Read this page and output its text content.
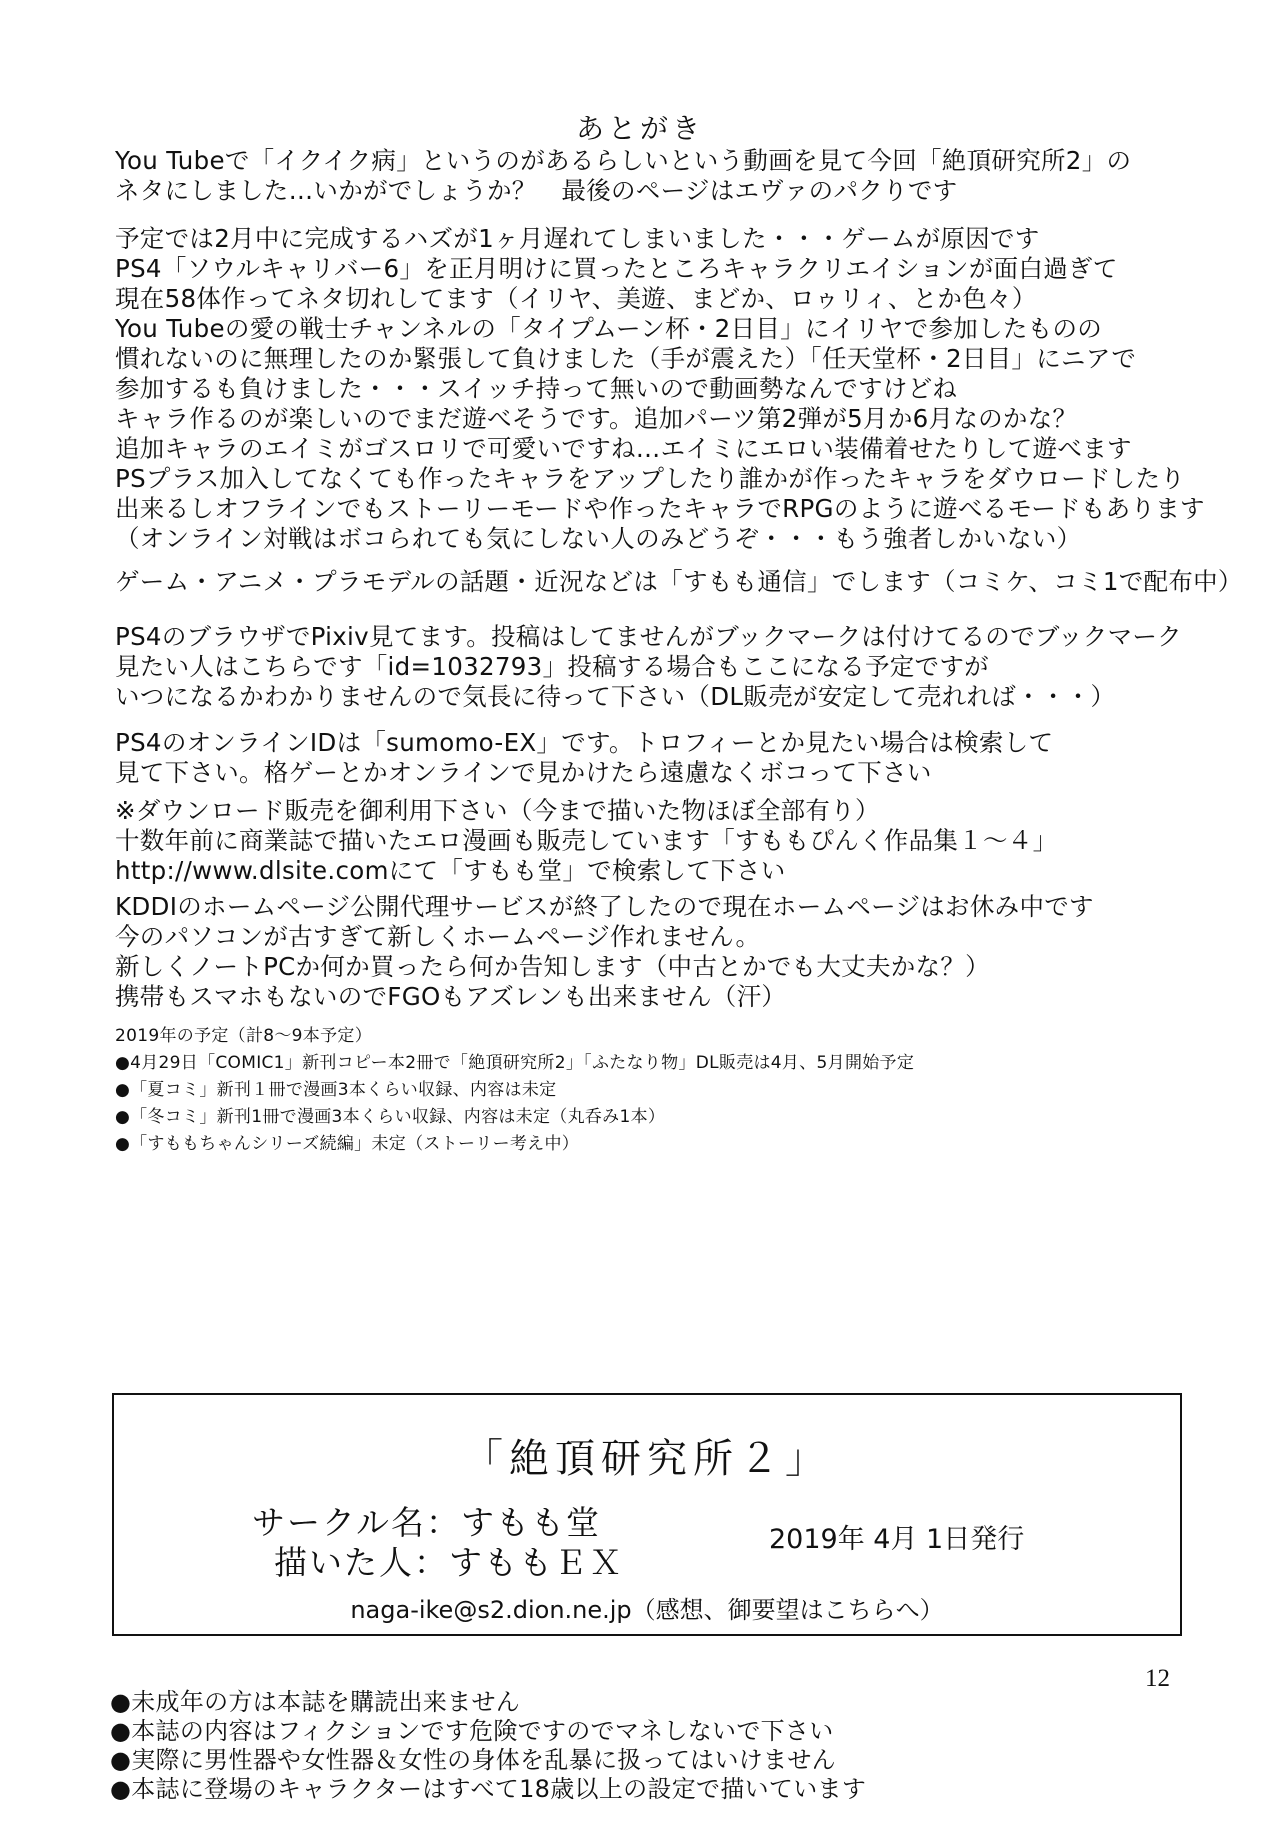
あとがき
You Tubeで「イクイク病」というのがあるらしいという動画を見て今回「絶頂研究所2」の
ネタにしました…いかがでしょうか？　最後のページはエヴァのパクりです
予定では2月中に完成するハズが1ヶ月遅れてしまいました・・・ゲームが原因です
PS4「ソウルキャリバー6」を正月明けに買ったところキャラクリエイションが面白過ぎて
現在58体作ってネタ切れしてます（イリヤ、美遊、まどか、ロゥリィ、とか色々）
You Tubeの愛の戦士チャンネルの「タイプムーン杯・2日目」にイリヤで参加したものの
慣れないのに無理したのか緊張して負けました（手が震えた）「任天堂杯・2日目」にニアで
参加するも負けました・・・スイッチ持って無いので動画勢なんですけどね
キャラ作るのが楽しいのでまだ遊べそうです。追加パーツ第2弾が5月か6月なのかな？
追加キャラのエイミがゴスロリで可愛いですね…エイミにエロい装備着せたりして遊べます
PSプラス加入してなくても作ったキャラをアップしたり誰かが作ったキャラをダウロードしたり
出来るしオフラインでもストーリーモードや作ったキャラでRPGのように遊べるモードもあります
（オンライン対戦はボコられても気にしない人のみどうぞ・・・もう強者しかいない）
ゲーム・アニメ・プラモデルの話題・近況などは「すもも通信」でします（コミケ、コミ1で配布中）
PS4のブラウザでPixiv見てます。投稿はしてませんがブックマークは付けてるのでブックマーク
見たい人はこちらです「id=1032793」投稿する場合もここになる予定ですが
いつになるかわかりませんので気長に待って下さい（DL販売が安定して売れれば・・・）
PS4のオンラインIDは「sumomo-EX」です。トロフィーとか見たい場合は検索して
見て下さい。格ゲーとかオンラインで見かけたら遠慮なくボコって下さい
※ダウンロード販売を御利用下さい（今まで描いた物ほぼ全部有り）
十数年前に商業誌で描いたエロ漫画も販売しています「すももぴんく作品集１～４」
http://www.dlsite.comにて「すもも堂」で検索して下さい
KDDIのホームページ公開代理サービスが終了したので現在ホームページはお休み中です
今のパソコンが古すぎて新しくホームページ作れません。
新しくノートPCか何か買ったら何か告知します（中古とかでも大丈夫かな？）
携帯もスマホもないのでFGOもアズレンも出来ません（汗）
2019年の予定（計8～9本予定）
●4月29日「COMIC1」新刊コピー本2冊で「絶頂研究所2」「ふたなり物」DL販売は4月、5月開始予定
●「夏コミ」新刊１冊で漫画3本くらい収録、内容は未定
●「冬コミ」新刊1冊で漫画3本くらい収録、内容は未定（丸呑み1本）
●「すももちゃんシリーズ続編」未定（ストーリー考え中）
「絶頂研究所２」
サークル名：すもも堂
描いた人：すももＥＸ
2019年 4月 1日発行
naga-ike@s2.dion.ne.jp（感想、御要望はこちらへ）
12
●未成年の方は本誌を購読出来ません
●本誌の内容はフィクションです危険ですのでマネしないで下さい
●実際に男性器や女性器＆女性の身体を乱暴に扱ってはいけません
●本誌に登場のキャラクターはすべて18歳以上の設定で描いています
